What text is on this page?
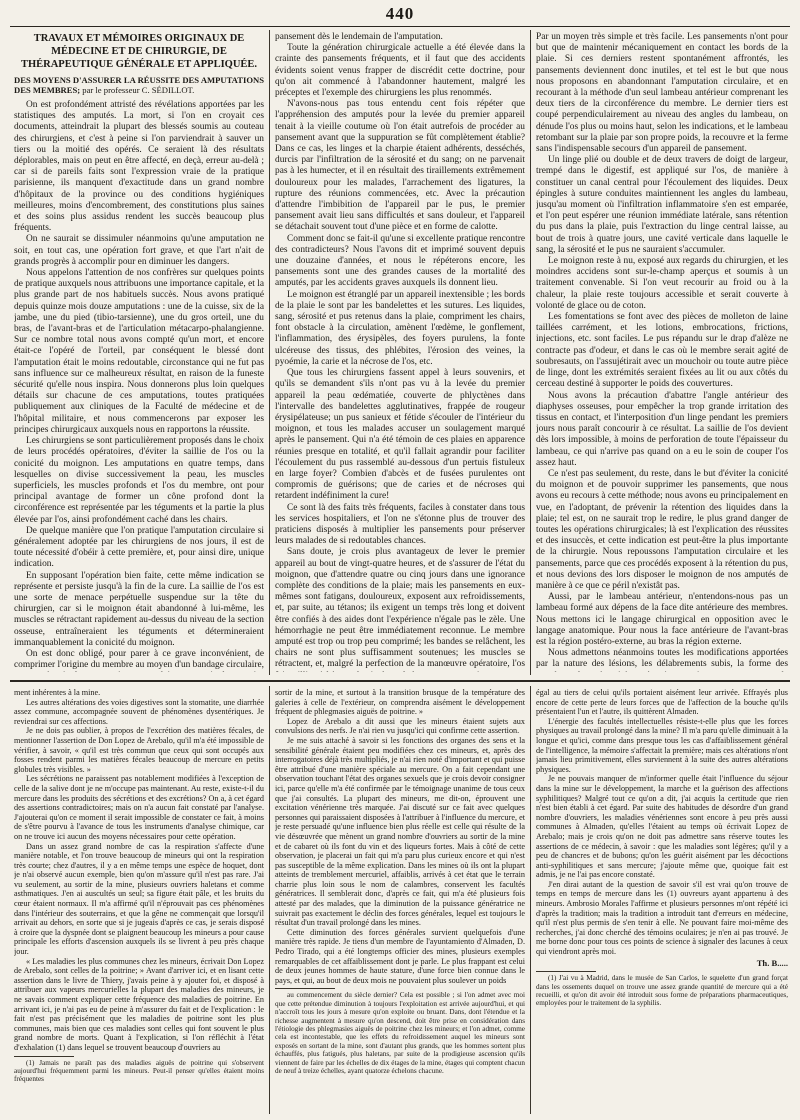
440
TRAVAUX ET MÉMOIRES ORIGINAUX DE MÉDECINE ET DE CHIRURGIE, DE THÉRAPEUTIQUE GÉNÉRALE ET APPLIQUÉE.
DES MOYENS D'ASSURER LA RÉUSSITE DES AMPUTATIONS DES MEMBRES; par le professeur C. SÉDILLOT.

On est profondément attristé des révélations apportées par les statistiques des amputés. La mort, si l'on en croyait ces documents, atteindrait la plupart des blessés soumis au couteau des chirurgiens, et c'est à peine si l'on parviendrait à sauver un tiers ou la moitié des opérés. Ce seraient là des résultats déplorables, mais on peut en être affecté, en deçà, erreur au-delà ; car si de pareils faits sont l'expression vraie de la pratique parisienne, ils manquent d'exactitude dans un grand nombre d'hôpitaux de la province ou des conditions hygiéniques meilleures, moins d'encombrement, des constitutions plus saines et des soins plus assidus rendent les succès beaucoup plus fréquents.

On ne saurait se dissimuler néanmoins qu'une amputation ne soit, en tout cas, une opération fort grave, et que l'art n'ait de grands progrès à accomplir pour en diminuer les dangers.

Nous appelons l'attention de nos confrères sur quelques points de pratique auxquels nous attribuons une importance capitale, et la plus grande part de nos habituels succès. Nous avons pratiqué depuis quinze mois douze amputations : une de la cuisse, six de la jambe, une du pied (tibio-tarsienne), une du gros orteil, une du bras, de l'avant-bras et de l'articulation métacarpo-phalangienne. Sur ce nombre total nous avons compté qu'un mort, et encore était-ce l'opéré de l'orteil, par conséquent le blessé dont l'amputation était le moins redoutable, circonstance qui ne fut pas sans influence sur ce malheureux résultat, en raison de la funeste sécurité qu'elle nous inspira. Nous donnerons plus loin quelques détails sur chacune de ces amputations, toutes pratiquées publiquement aux cliniques de la Faculté de médecine et de l'hôpital militaire, et nous commencerons par exposer les principes chirurgicaux auxquels nous en rapportons la réussite.

Les chirurgiens se sont particulièrement proposés dans le choix de leurs procédés opératoires, d'éviter la saillie de l'os ou la conicité du moignon. Les amputations en quatre temps, dans lesquelles on divise successivement la peau, les muscles superficiels, les muscles profonds et l'os du membre, ont pour principal avantage de former un cône profond dont la circonférence est représentée par les téguments et la partie la plus élevée par l'os, ainsi profondément caché dans les chairs.

De quelque manière que l'on pratique l'amputation circulaire si généralement adoptée par les chirurgiens de nos jours, il est de toute nécessité d'obéir à cette première, et, pour ainsi dire, unique indication.

En supposant l'opération bien faite, cette même indication se représente et persiste jusqu'à la fin de la cure. La saillie de l'os est une sorte de menace perpétuelle suspendue sur la tête du chirurgien, car si le moignon était abandonné à lui-même, les muscles se rétractant rapidement au-dessus du niveau de la section osseuse, entraîneraient les téguments et détermineraient immanquablement la conicité du moignon.

On est donc obligé, pour parer à ce grave inconvénient, de comprimer l'origine du membre au moyen d'un bandage circulaire,

pansement dès le lendemain de l'amputation.

Toute la génération chirurgicale actuelle a été élevée dans la crainte des pansements fréquents, et il faut que des accidents évidents soient venus frapper de discrédit cette doctrine, pour qu'on ait commencé à l'abandonner hautement, malgré les préceptes et l'exemple des chirurgiens les plus renommés.

N'avons-nous pas tous entendu cent fois répéter que l'appréhension des amputés pour la levée du premier appareil tenait à la vieille coutume où l'on était autrefois de procéder au pansement avant que la suppuration se fût complètement établie? Dans ce cas, les linges et la charpie étaient adhérents, desséchés, durcis par l'infiltration de la sérosité et du sang; on ne parvenait pas à les humecter, et il en résultait des tiraillements extrêmement douloureux pour les malades, l'arrachement des ligatures, la rupture des réunions commencées, etc. Avec la précaution d'attendre l'imbibition de l'appareil par le pus, le premier pansement avait lieu sans difficultés et sans douleur, et l'appareil se détachait souvent tout d'une pièce et en forme de calotte.

Comment donc se fait-il qu'une si excellente pratique rencontre des contradicteurs? Nous l'avons dit et imprimé souvent depuis une douzaine d'années, et nous le répéterons encore, les pansements sont une des grandes causes de la mortalité des amputés, par les accidents graves auxquels ils donnent lieu.

Le moignon est étranglé par un appareil inextensible ; les bords de la plaie le sont par les bandelettes et les sutures. Les liquides, sang, sérosité et pus retenus dans la plaie, compriment les chairs, font obstacle à la circulation, amènent l'œdème, le gonflement, l'inflammation, des érysipèles, des foyers purulens, la fonte ulcéreuse des tissus, des phlébites, l'érosion des veines, la pyoémie, la carie et la nécrose de l'os, etc.

Que tous les chirurgiens fassent appel à leurs souvenirs, et qu'ils se demandent s'ils n'ont pas vu à la levée du premier appareil la peau œdématiée, couverte de phlyctènes dans l'intervalle des bandelettes agglutinatives, frappée de rougeur érysipélateuse; un pus sanieux et fétide s'écouler de l'intérieur du moignon, et tous les malades accuser un soulagement marqué après le pansement. Qui n'a été témoin de ces plaies en apparence réunies presque en totalité, et qu'il fallait agrandir pour faciliter l'écoulement du pus rassemblé au-dessous d'un pertuis fistuleux en large foyer? Combien d'abcès et de fusées purulentes ont compromis de guérisons; que de caries et de nécroses qui retardent indéfiniment la cure!

Ce sont là des faits très fréquents, faciles à constater dans tous les services hospitaliers, et l'on ne s'étonne plus de trouver des praticiens disposés à multiplier les pansements pour préserver leurs malades de si redoutables chances.

Sans doute, je crois plus avantageux de lever le premier appareil au bout de vingt-quatre heures, et de s'assurer de l'état du moignon, que d'attendre quatre ou cinq jours dans une ignorance complète des conditions de la plaie; mais les pansements en eux-mêmes sont fatigans, douloureux, exposent aux refroidissements, et, par suite, au tétanos; ils exigent un temps très long et doivent être confiés à des aides dont l'expérience n'égale pas le zèle. Une hémorrhagie ne peut être immédiatement reconnue. Le membre amputé est trop ou trop peu comprimé; les bandes se relâchent, les chairs ne sont plus suffisamment soutenues; les muscles se rétractent, et, malgré la perfection de la manœuvre opératoire, l'os

Par un moyen très simple et très facile. Les pansements n'ont pour but que de maintenir mécaniquement en contact les bords de la plaie. Si ces derniers restent spontanément affrontés, les pansements deviennent donc inutiles, et tel est le but que nous nous proposons en abandonnant l'amputation circulaire, et en recourant à la méthode d'un seul lambeau antérieur comprenant les deux tiers de la circonférence du membre. Le dernier tiers est coupé perpendiculairement au niveau des angles du lambeau, on dénude l'os plus ou moins haut, selon les indications, et le lambeau retombant sur la plaie par son propre poids, la recouvre et la ferme sans l'indispensable secours d'un appareil de pansement.

Un linge plié ou double et de deux travers de doigt de largeur, trempé dans le digestif, est appliqué sur l'os, de manière à constituer un canal central pour l'écoulement des liquides. Deux épingles à suture conduites maintiennent les angles du lambeau, jusqu'au moment où l'infiltration inflammatoire s'en est emparée, et l'on peut espérer une réunion immédiate latérale, sans rétention du pus dans la plaie, puis l'extraction du linge central laisse, au bout de trois à quatre jours, une cavité verticale dans laquelle le sang, la sérosité et le pus ne sauraient s'accumuler.

Le moignon reste à nu, exposé aux regards du chirurgien, et les moindres accidens sont sur-le-champ aperçus et soumis à un traitement convenable. Si l'on veut recourir au froid ou à la chaleur, la plaie reste toujours accessible et serait couverte à volonté de glace ou de coton.

Les fomentations se font avec des pièces de molleton de laine taillées carrément, et les lotions, embrocations, frictions, injections, etc. sont faciles. Le pus répandu sur le drap d'alèze ne contracte pas d'odeur, et dans le cas où le membre serait agité de soubresauts, on l'assujétirait avec un mouchoir ou toute autre pièce de linge, dont les extrémités seraient fixées au lit ou aux côtés du cerceau destiné à supporter le poids des couvertures.

Nous avons la précaution d'abattre l'angle antérieur des diaphyses osseuses, pour empêcher la trop grande irritation des tissus en contact, et l'interposition d'un linge pendant les premiers jours nous paraît concourir à ce résultat. La saillie de l'os devient dès lors impossible, à moins de perforation de toute l'épaisseur du lambeau, ce qui n'arrive pas quand on a eu le soin de couper l'os assez haut.

Ce n'est pas seulement, du reste, dans le but d'éviter la conicité du moignon et de pouvoir supprimer les pansements, que nous avons eu recours à cette méthode; nous avons eu principalement en vue, en l'adoptant, de prévenir la rétention des liquides dans la plaie; tel est, on ne saurait trop le redire, le plus grand danger de toutes les opérations chirurgicales; là est l'explication des réussites et des insuccès, et cette indication est peut-être la plus importante de la chirurgie. Nous repoussons l'amputation circulaire et les pansements, parce que ces procédés exposent à la rétention du pus, et nous devions des lors disposer le moignon de nos amputés de manière à ce que ce péril n'existât pas.

Aussi, par le lambeau antérieur, n'entendons-nous pas un lambeau formé aux dépens de la face dite antérieure des membres. Nous mettons ici le langage chirurgical en opposition avec le langage anatomique. Pour nous la face antérieure de l'avant-bras est la région postéro-externe, au bras la région externe.

Nous admettons néanmoins toutes les modifications apportées par la nature des lésions, les délabrements subis, la forme des

ment inhérentes à la mine.

Les autres altérations des voies digestives sont la stomatite, une diarrhée assez commune, accompagnée souvent de phénomènes dysentériques. Je reviendrai sur ces affections.

Je ne dois pas oublier, à propos de l'excrétion des matières fécales, de mentionner l'assertion de Don Lopez de Arebalo, qu'il m'a été impossible de vérifier, à savoir, « qu'il est très commun que ceux qui sont occupés aux fosses rendent parmi les matières fécales beaucoup de mercure en petits globules très visibles. »

Les sécrétions ne paraissent pas notablement modifiées à l'exception de celle de la salive dont je ne m'occupe pas maintenant. Au reste, existe-t-il du mercure dans les produits des sécrétions et des excrétions? On a, à cet égard des assertions contradictoires; mais on n'a aucun fait constaté par l'analyse. J'ajouterai qu'on ce moment il serait impossible de constater ce fait, à moins de s'être pourvu à l'avance de tous les instruments d'analyse chimique, car on ne trouve ici aucun des moyens nécessaires pour cette opération.

Dans un assez grand nombre de cas la respiration s'affecte d'une manière notable, et l'on trouve beaucoup de mineurs qui ont la respiration très courte; chez d'autres, il y a en même temps une espèce de hoquet, dont je n'ai observé aucun exemple, bien qu'on m'assure qu'il n'est pas rare. J'ai vu seulement, au sortir de la mine, plusieurs ouvriers haletans et comme asthmatiques. J'en ai auscultés un seul; sa figure était pâle, et les bruits du cœur étaient normaux. Il m'a affirmé qu'il n'éprouvait pas ces phénomènes dans l'intérieur des souterrains, et que la gêne ne commençait que lorsqu'il arrivait au dehors, en sorte que si je jugeais d'après ce cas, je serais disposé à croire que la dyspnée dont se plaignent beaucoup les mineurs a pour cause principale les efforts d'ascension auxquels ils se livrent à peu près chaque jour.

« Les maladies les plus communes chez les mineurs, écrivait Don Lopez de Arebalo, sont celles de la poitrine; » Avant d'arriver ici, et en lisant cette assertion dans le livre de Thiery, j'avais peine à y ajouter foi, et disposé à attribuer aux vapeurs mercurielles la plupart des maladies des mineurs, je ne savais comment expliquer cette fréquence des maladies de poitrine. En arrivant ici, je n'ai pas eu de peine à m'assurer du fait et de l'explication : le fait n'est pas précisément que les maladies de poitrine sont les plus communes, mais bien que ces maladies sont celles qui font souvent le plus grand nombre de morts. Quant à l'explication, si l'on réfléchit à l'état d'exhalation (1) dans lequel se trouvent beaucoup d'ouvriers au

(1) Jamais ne paraît pas des maladies aiguës de poitrine qui s'observent aujourd'hui fréquemment parmi les mineurs. Peut-il penser qu'elles étaient moins fréquentes

sortir de la mine, et surtout à la transition brusque de la température des galeries à celle de l'extérieur, on comprendra aisément le développement fréquent de phlegmasies aiguës de poitrine. »

Lopez de Arebalo a dit aussi que les mineurs étaient sujets aux convulsions des nerfs. Je n'ai rien vu jusqu'ici qui confirme cette assertion.

Je me suis attaché à savoir si les fonctions des organes des sens et la sensibilité générale étaient peu modifiées chez ces mineurs, et, après des interrogatoires déjà très multipliés, je n'ai rien noté d'important et qui puisse être attribué d'une manière spéciale au mercure. On a fait cependant une observation touchant l'état des organes sexuels que je crois devoir consigner ici, parce qu'elle m'a été confirmée par le témoignage unanime de tous ceux que j'ai consultés. La plupart des mineurs, me dit-on, éprouvent une excitation vénérienne très marquée. J'ai discuté sur ce fait avec quelques personnes qui paraissaient disposées à l'attribuer à l'influence du mercure, et je reste persuadé qu'une influence bien plus réelle est celle qui résulte de la vie désœuvrée que mènent un grand nombre d'ouvriers au sortir de la mine et de cabaret où ils font du vin et des liqueurs fortes. Mais à côté de cette observation, je placerai un fait qui m'a paru plus curieux encore et qui n'est pas susceptible de la même explication. Dans les mines où ils ont la plupart atteints de tremblement mercuriel, affaiblis, arrivés à cet état que le terrain charrie plus loin sous le nom de calambres, conservent les facultés génératrices. Il semblerait donc, d'après ce fait, qui m'a été plusieurs fois attesté par des malades, que la diminution de la puissance génératrice ne suivrait pas exactement le déclin des forces générales, lequel est toujours le résultat d'un travail prolongé dans les mines.

Cette diminution des forces générales survient quelquefois d'une manière très rapide. Je tiens d'un membre de l'ayuntamiento d'Almaden, D. Pedro Tirado, qui a été longtemps officier des mines, plusieurs exemples remarquables de cet affaiblissement dont je parle. Le plus frappant est celui de deux jeunes hommes de haute stature, d'une force bien connue dans le pays, et qui, au bout de deux mois ne pouvaient plus soulever un poids

au commencement du siècle dernier? Cela est possible ; si l'on admet avec moi que cette prétendue diminution à toujours l'exploitation est arrivée aujourd'hui, et qui n'accroît tous les jours à mesure qu'on exploite ou bruant. Dans, dont l'étendue et la richesse augmentent à mesure qu'on descend, doit être prise en considération dans l'étiologie des phlegmasies aiguës de poitrine chez les mineurs; et l'on admet, comme cela est incontestable, que les effets du refroidissement auquel les mineurs sont exposés en sortant de la mine, sont d'autant plus grands, que les hommes sortent plus échauffés, plus fatigués, plus haletans, par suite de la prodigieuse ascension qu'ils viennent de faire par les échelles de dix étages de la mine, étages qui comptent chacun de neuf à treize échelles, ayant quatorze échelons chacune.

égal au tiers de celui qu'ils portaient aisément leur arrivée. Effrayés plus encore de cette perte de leurs forces que de l'affection de la bouche qu'ils présentaient l'un et l'autre, ils quittèrent Almaden.

L'énergie des facultés intellectuelles résiste-t-elle plus que les forces physiques au travail prolongé dans la mine? Il m'a paru qu'elle diminuait à la longue et qu'ici, comme dans presque tous les cas d'affaiblissement général de l'intelligence, la mémoire s'affectait la première; mais ces altérations n'ont jamais lieu primitivement, elles surviennent à la suite des autres altérations physiques.

Je ne pouvais manquer de m'informer quelle était l'influence du séjour dans la mine sur le développement, la marche et la guérison des affections syphilitiques? Malgré tout ce qu'on a dit, j'ai acquis la certitude que rien n'est bien établi à cet égard. Par suite des habitudes de désordre d'un grand nombre d'ouvriers, les maladies vénériennes sont encore à peu près aussi communes à Almaden, qu'elles l'étaient au temps où écrivait Lopez de Arebalo; mais je crois qu'on ne doit pas admettre sans réserve toutes les assertions de ce médecin, à savoir : que les maladies sont légères; qu'il y a peu de chancres et de bubons; qu'on les guérit aisément par les décoctions anti-syphilitiques et sans mercure; j'ajoute même que, quoique fait est admis, je ne l'ai pas encore constaté.

J'en dirai autant de la question de savoir s'il est vrai qu'on trouve de temps en temps de mercure dans les (1) ouvreurs ayant appartenu à des mineurs. Ambrosio Morales l'affirme et plusieurs personnes m'ont répété ici d'après la tradition; mais la tradition a introduit tant d'erreurs en médecine, qu'il n'est plus permis de s'en tenir à elle. Ne pouvant faire moi-même des recherches, j'ai donc cherché des témoins oculaires; je n'en ai pas trouvé. Je me borne donc pour tous ces points de science à signaler des lacunes à ceux qui viendront après moi.

Th. B.....

(1) J'ai vu à Madrid, dans le musée de San Carlos, le squelette d'un grand forçat dans les ossements duquel on trouve une assez grande quantité de mercure qui a été recueilli, et qu'on dit avoir été introduit sous forme de préparations pharmaceutiques, employées pour le traitement de la syphilis.
